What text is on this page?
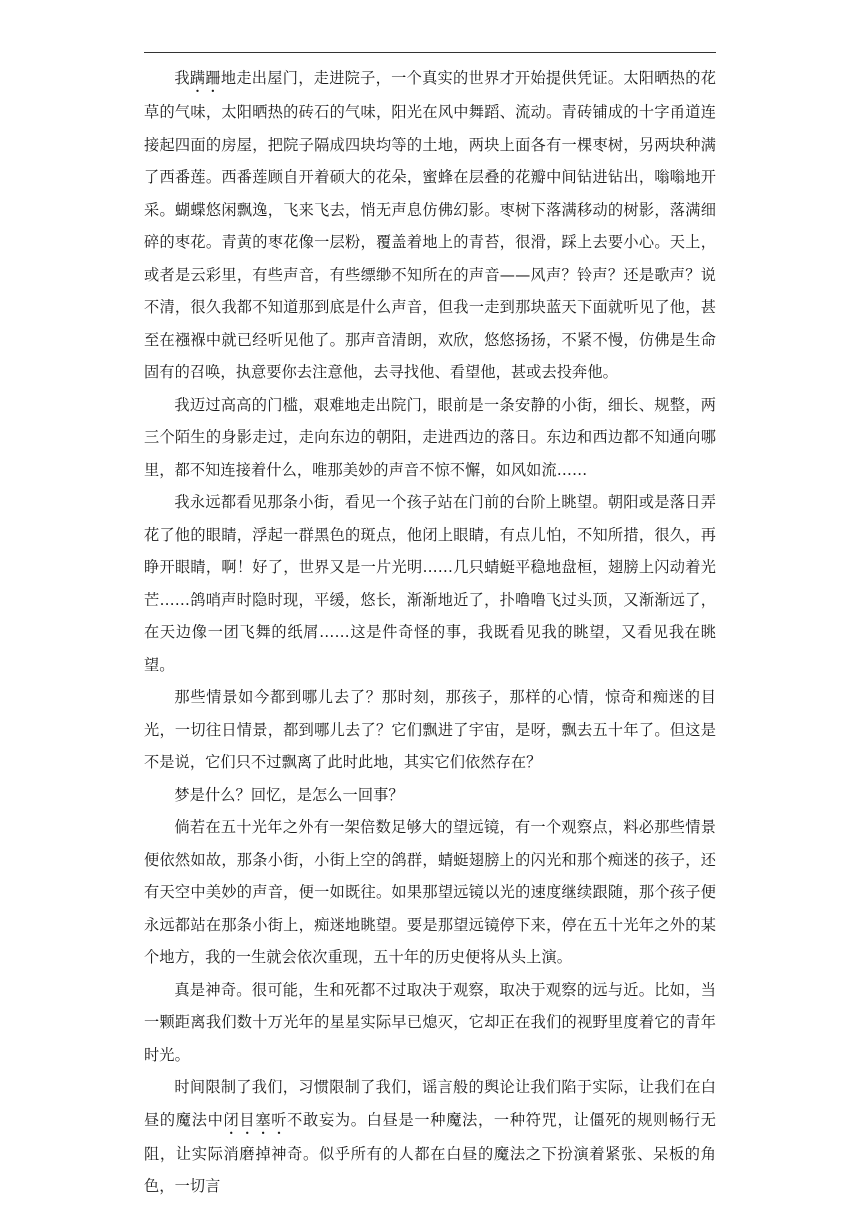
我蹒跚地走出屋门，走进院子，一个真实的世界才开始提供凭证。太阳晒热的花草的气味，太阳晒热的砖石的气味，阳光在风中舞蹈、流动。青砖铺成的十字甬道连接起四面的房屋，把院子隔成四块均等的土地，两块上面各有一棵枣树，另两块种满了西番莲。西番莲顾自开着硕大的花朵，蜜蜂在层叠的花瓣中间钻进钻出，嗡嗡地开采。蝴蝶悠闲飘逸，飞来飞去，悄无声息仿佛幻影。枣树下落满移动的树影，落满细碎的枣花。青黄的枣花像一层粉，覆盖着地上的青苔，很滑，踩上去要小心。天上，或者是云彩里，有些声音，有些缥缈不知所在的声音——风声？铃声？还是歌声？说不清，很久我都不知道那到底是什么声音，但我一走到那块蓝天下面就听见了他，甚至在襁褓中就已经听见他了。那声音清朗，欢欣，悠悠扬扬，不紧不慢，仿佛是生命固有的召唤，执意要你去注意他，去寻找他、看望他，甚或去投奔他。

我迈过高高的门槛，艰难地走出院门，眼前是一条安静的小街，细长、规整，两三个陌生的身影走过，走向东边的朝阳，走进西边的落日。东边和西边都不知通向哪里，都不知连接着什么，唯那美妙的声音不惊不懈，如风如流……

我永远都看见那条小街，看见一个孩子站在门前的台阶上眺望。朝阳或是落日弄花了他的眼睛，浮起一群黑色的斑点，他闭上眼睛，有点儿怕，不知所措，很久，再睁开眼睛，啊！好了，世界又是一片光明……几只蜻蜓平稳地盘桓，翅膀上闪动着光芒……鸽哨声时隐时现，平缓，悠长，渐渐地近了，扑噜噜飞过头顶，又渐渐远了，在天边像一团飞舞的纸屑……这是件奇怪的事，我既看见我的眺望，又看见我在眺望。

那些情景如今都到哪儿去了？那时刻，那孩子，那样的心情，惊奇和痴迷的目光，一切往日情景，都到哪儿去了？它们飘进了宇宙，是呀，飘去五十年了。但这是不是说，它们只不过飘离了此时此地，其实它们依然存在？

梦是什么？回忆，是怎么一回事？

倘若在五十光年之外有一架倍数足够大的望远镜，有一个观察点，料必那些情景便依然如故，那条小街，小街上空的鸽群，蜻蜓翅膀上的闪光和那个痴迷的孩子，还有天空中美妙的声音，便一如既往。如果那望远镜以光的速度继续跟随，那个孩子便永远都站在那条小街上，痴迷地眺望。要是那望远镜停下来，停在五十光年之外的某个地方，我的一生就会依次重现，五十年的历史便将从头上演。

真是神奇。很可能，生和死都不过取决于观察，取决于观察的远与近。比如，当一颗距离我们数十万光年的星星实际早已熄灭，它却正在我们的视野里度着它的青年时光。

时间限制了我们，习惯限制了我们，谣言般的舆论让我们陷于实际，让我们在白昼的魔法中闭目塞听不敢妄为。白昼是一种魔法，一种符咒，让僵死的规则畅行无阻，让实际消磨掉神奇。似乎所有的人都在白昼的魔法之下扮演着紧张、呆板的角色，一切言
